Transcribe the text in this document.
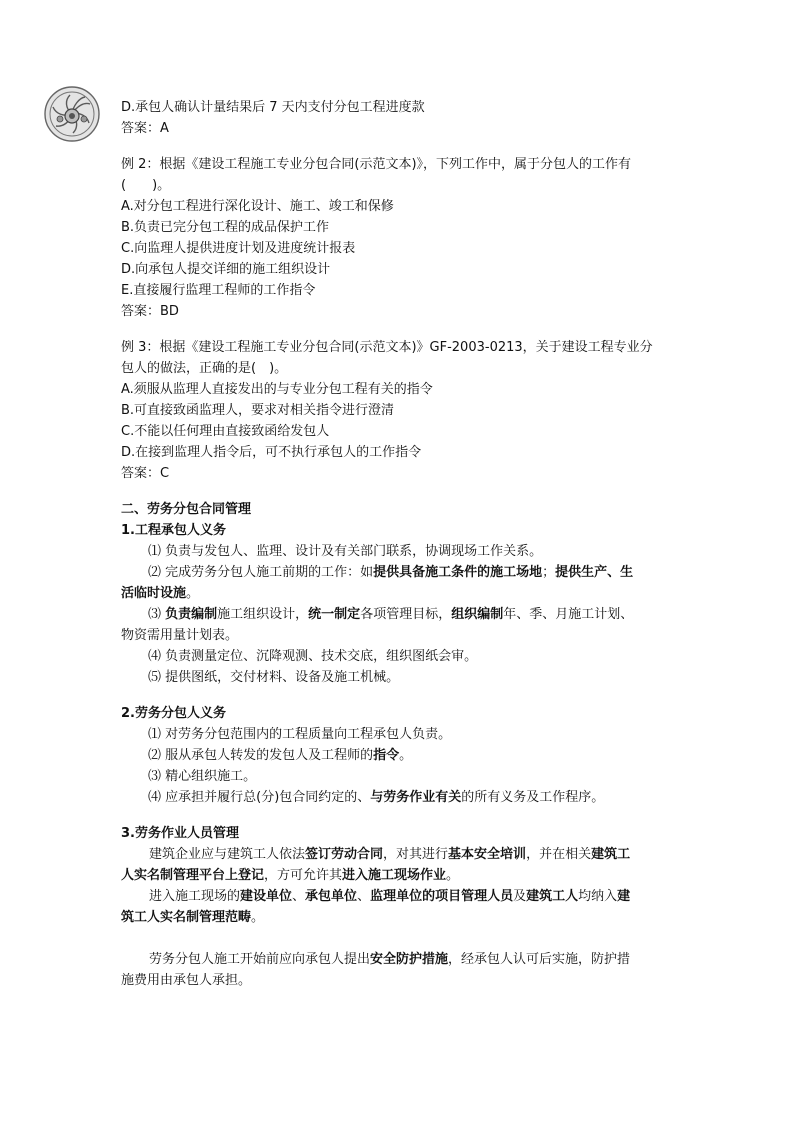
D.承包人确认计量结果后 7 天内支付分包工程进度款
答案：A
例 2：根据《建设工程施工专业分包合同(示范文本)》，下列工作中，属于分包人的工作有
(　　)。
A.对分包工程进行深化设计、施工、竣工和保修
B.负责已完分包工程的成品保护工作
C.向监理人提供进度计划及进度统计报表
D.向承包人提交详细的施工组织设计
E.直接履行监理工程师的工作指令
答案：BD
例 3：根据《建设工程施工专业分包合同(示范文本)》GF-2003-0213，关于建设工程专业分
包人的做法，正确的是(　)。
A.须服从监理人直接发出的与专业分包工程有关的指令
B.可直接致函监理人，要求对相关指令进行澄清
C.不能以任何理由直接致函给发包人
D.在接到监理人指令后，可不执行承包人的工作指令
答案：C
二、劳务分包合同管理
1.工程承包人义务
⑴ 负责与发包人、监理、设计及有关部门联系，协调现场工作关系。
⑵ 完成劳务分包人施工前期的工作：如提供具备施工条件的施工场地；提供生产、生
活临时设施。
⑶ 负责编制施工组织设计，统一制定各项管理目标，组织编制年、季、月施工计划、
物资需用量计划表。
⑷ 负责测量定位、沉降观测、技术交底，组织图纸会审。
⑸ 提供图纸，交付材料、设备及施工机械。
2.劳务分包人义务
⑴ 对劳务分包范围内的工程质量向工程承包人负责。
⑵ 服从承包人转发的发包人及工程师的指令。
⑶ 精心组织施工。
⑷ 应承担并履行总(分)包合同约定的、与劳务作业有关的所有义务及工作程序。
3.劳务作业人员管理
建筑企业应与建筑工人依法签订劳动合同，对其进行基本安全培训，并在相关建筑工
人实名制管理平台上登记，方可允许其进入施工现场作业。
进入施工现场的建设单位、承包单位、监理单位的项目管理人员及建筑工人均纳入建
筑工人实名制管理范畴。
劳务分包人施工开始前应向承包人提出安全防护措施，经承包人认可后实施，防护措
施费用由承包人承担。
